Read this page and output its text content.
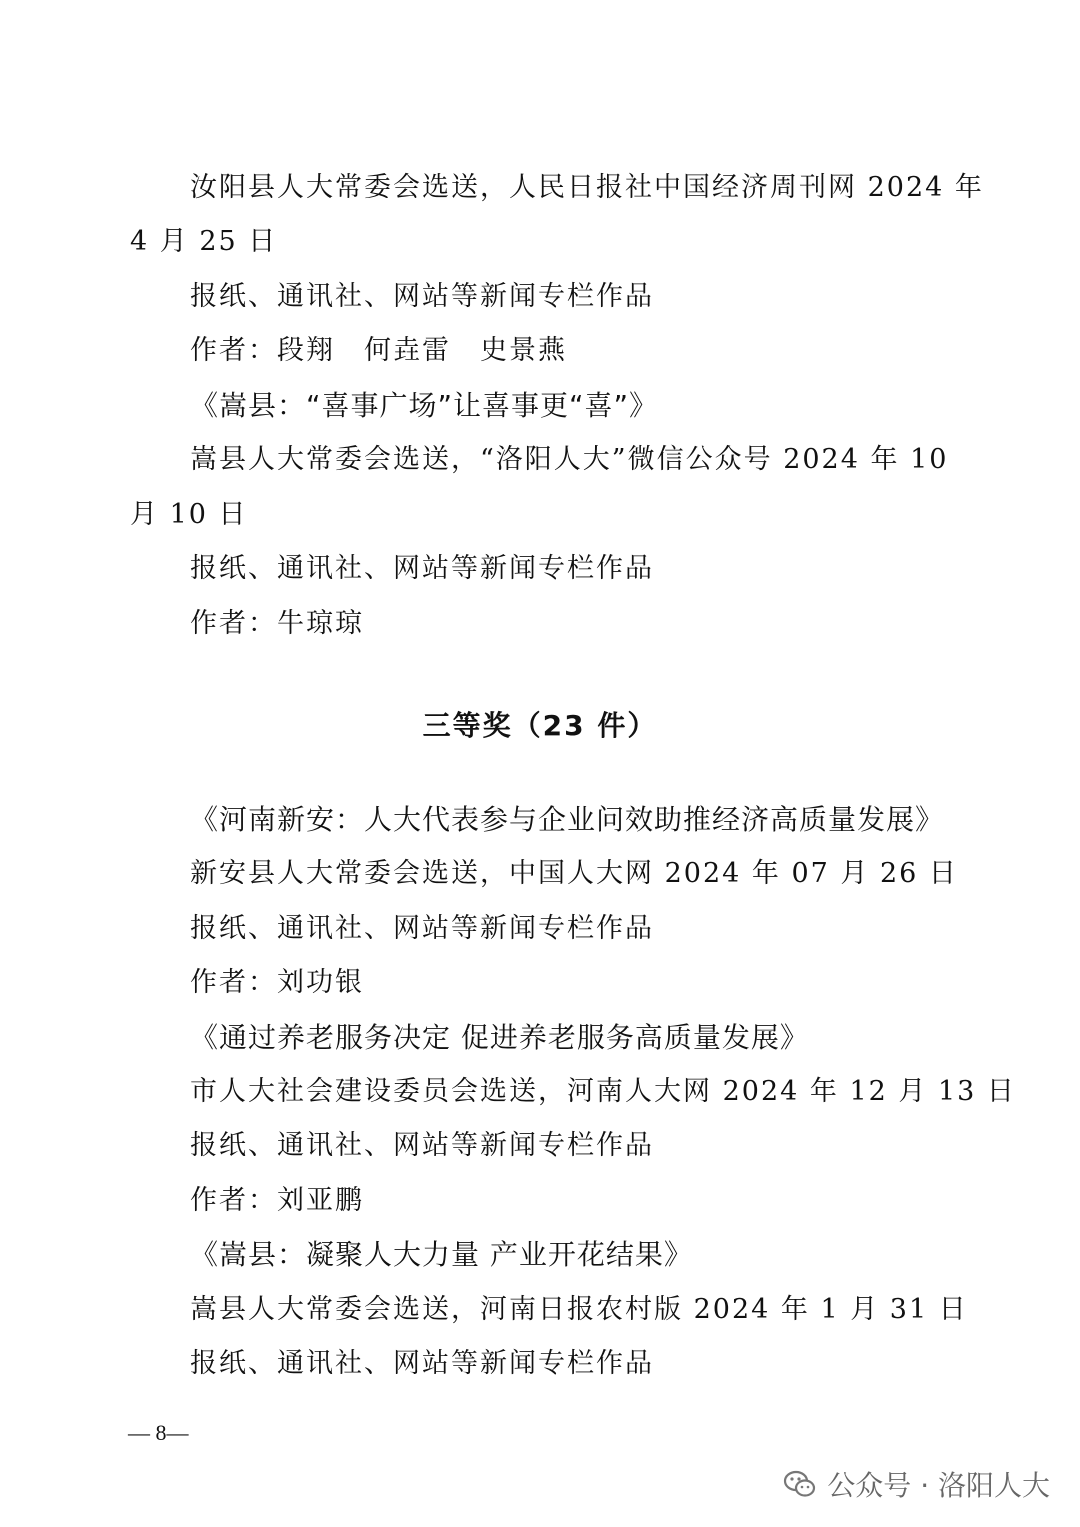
汝阳县人大常委会选送，人民日报社中国经济周刊网 2024 年
4 月 25 日
报纸、通讯社、网站等新闻专栏作品
作者：段翔　何垚雷　史景燕
《嵩县：“喜事广场”让喜事更“喜”》
嵩县人大常委会选送，“洛阳人大”微信公众号 2024 年 10
月 10 日
报纸、通讯社、网站等新闻专栏作品
作者：牛琼琼
三等奖（23 件）
《河南新安：人大代表参与企业问效助推经济高质量发展》
新安县人大常委会选送，中国人大网 2024 年 07 月 26 日
报纸、通讯社、网站等新闻专栏作品
作者：刘功银
《通过养老服务决定 促进养老服务高质量发展》
市人大社会建设委员会选送，河南人大网 2024 年 12 月 13 日
报纸、通讯社、网站等新闻专栏作品
作者：刘亚鹏
《嵩县：凝聚人大力量 产业开花结果》
嵩县人大常委会选送，河南日报农村版 2024 年 1 月 31 日
报纸、通讯社、网站等新闻专栏作品
— 8—
公众号 · 洛阳人大
